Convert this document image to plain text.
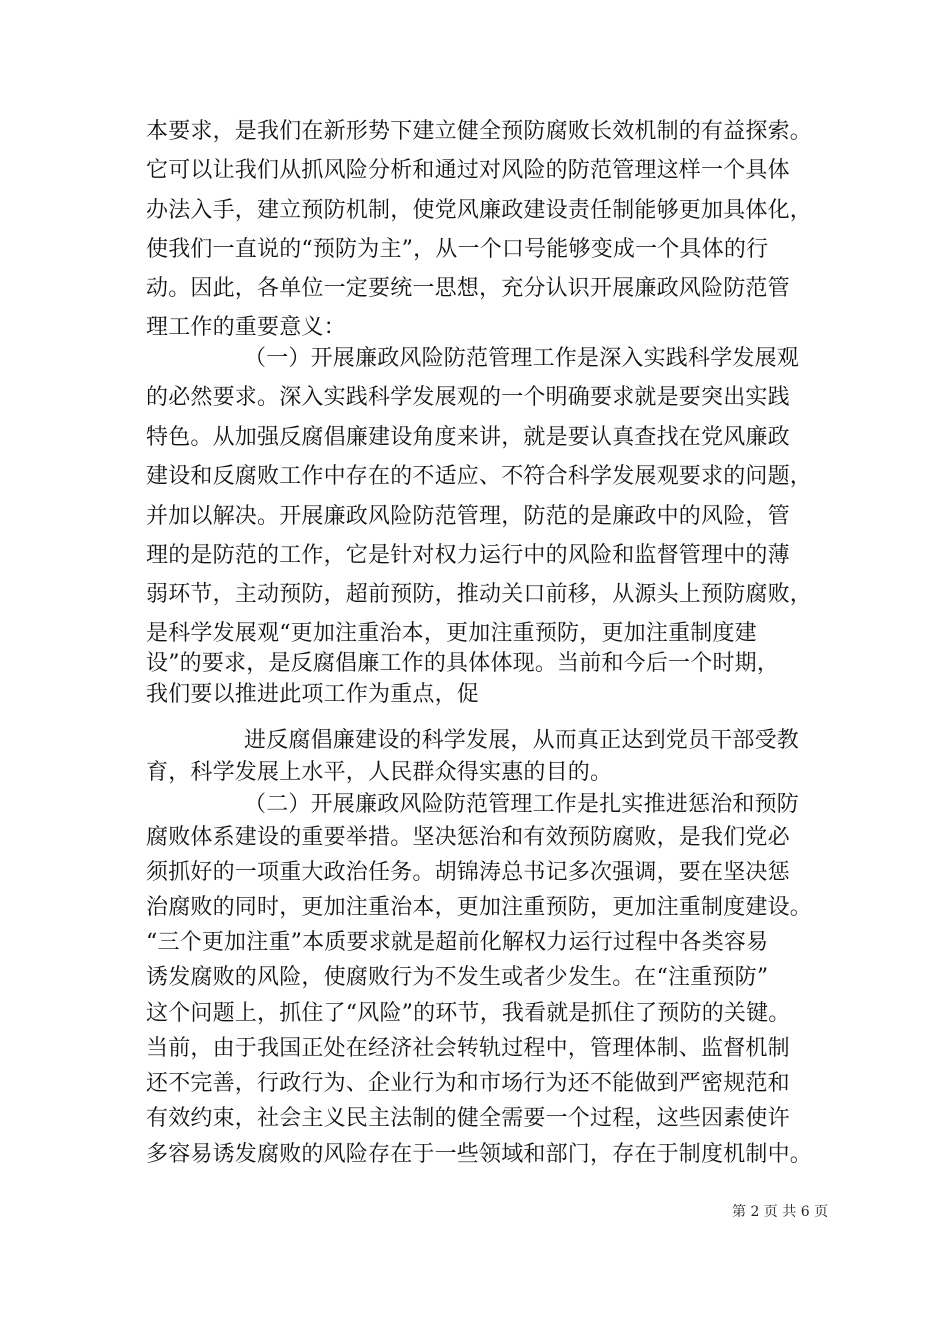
本要求，是我们在新形势下建立健全预防腐败长效机制的有益探索。
它可以让我们从抓风险分析和通过对风险的防范管理这样一个具体
办法入手，建立预防机制，使党风廉政建设责任制能够更加具体化，
使我们一直说的“预防为主”，从一个口号能够变成一个具体的行
动。因此，各单位一定要统一思想，充分认识开展廉政风险防范管
理工作的重要意义：
（一）开展廉政风险防范管理工作是深入实践科学发展观
的必然要求。深入实践科学发展观的一个明确要求就是要突出实践
特色。从加强反腐倡廉建设角度来讲，就是要认真查找在党风廉政
建设和反腐败工作中存在的不适应、不符合科学发展观要求的问题，
并加以解决。开展廉政风险防范管理，防范的是廉政中的风险，管
理的是防范的工作，它是针对权力运行中的风险和监督管理中的薄
弱环节，主动预防，超前预防，推动关口前移，从源头上预防腐败，
是科学发展观“更加注重治本，更加注重预防，更加注重制度建
设”的要求，是反腐倡廉工作的具体体现。当前和今后一个时期，
我们要以推进此项工作为重点，促
进反腐倡廉建设的科学发展，从而真正达到党员干部受教
育，科学发展上水平，人民群众得实惠的目的。
（二）开展廉政风险防范管理工作是扎实推进惩治和预防
腐败体系建设的重要举措。坚决惩治和有效预防腐败，是我们党必
须抓好的一项重大政治任务。胡锦涛总书记多次强调，要在坚决惩
治腐败的同时，更加注重治本，更加注重预防，更加注重制度建设。
“三个更加注重”本质要求就是超前化解权力运行过程中各类容易
诱发腐败的风险，使腐败行为不发生或者少发生。在“注重预防”
这个问题上，抓住了“风险”的环节，我看就是抓住了预防的关键。
当前，由于我国正处在经济社会转轨过程中，管理体制、监督机制
还不完善，行政行为、企业行为和市场行为还不能做到严密规范和
有效约束，社会主义民主法制的健全需要一个过程，这些因素使许
多容易诱发腐败的风险存在于一些领域和部门，存在于制度机制中。
第 2 页 共 6 页
